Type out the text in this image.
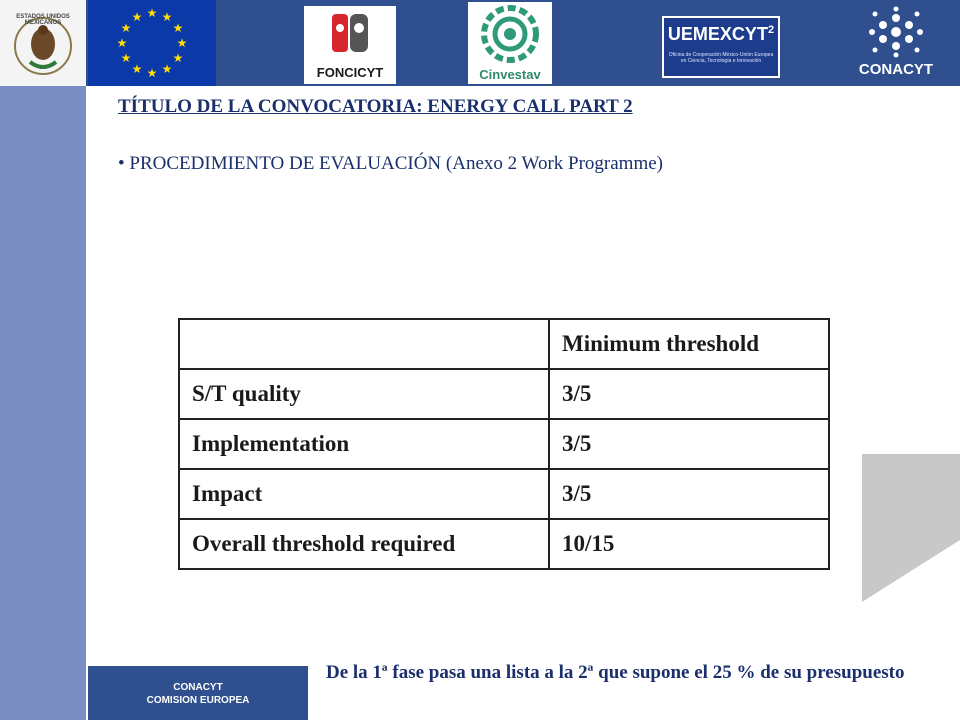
ESTADOS UNIDOS MEXICANOS
★ ★
★
★
★
★
★
★
★
★
★
★
FONCICYT	Cinvestav
UEMEXCYT$^2$
Oficina de Cooperación México-Unión Europea en Ciencia, Tecnología e Innovación	CONACYT
TÍTULO DE LA CONVOCATORIA: ENERGY CALL PART 2
• PROCEDIMIENTO DE EVALUACIÓN (Anexo 2 Work Programme)
	Minimum threshold
S/T quality	3/5
Implementation	3/5
Impact	3/5
Overall threshold required	10/15
CONACYT
COMISION EUROPEA
De la 1ª fase pasa una lista a la 2ª que supone el 25 % de su presupuesto
